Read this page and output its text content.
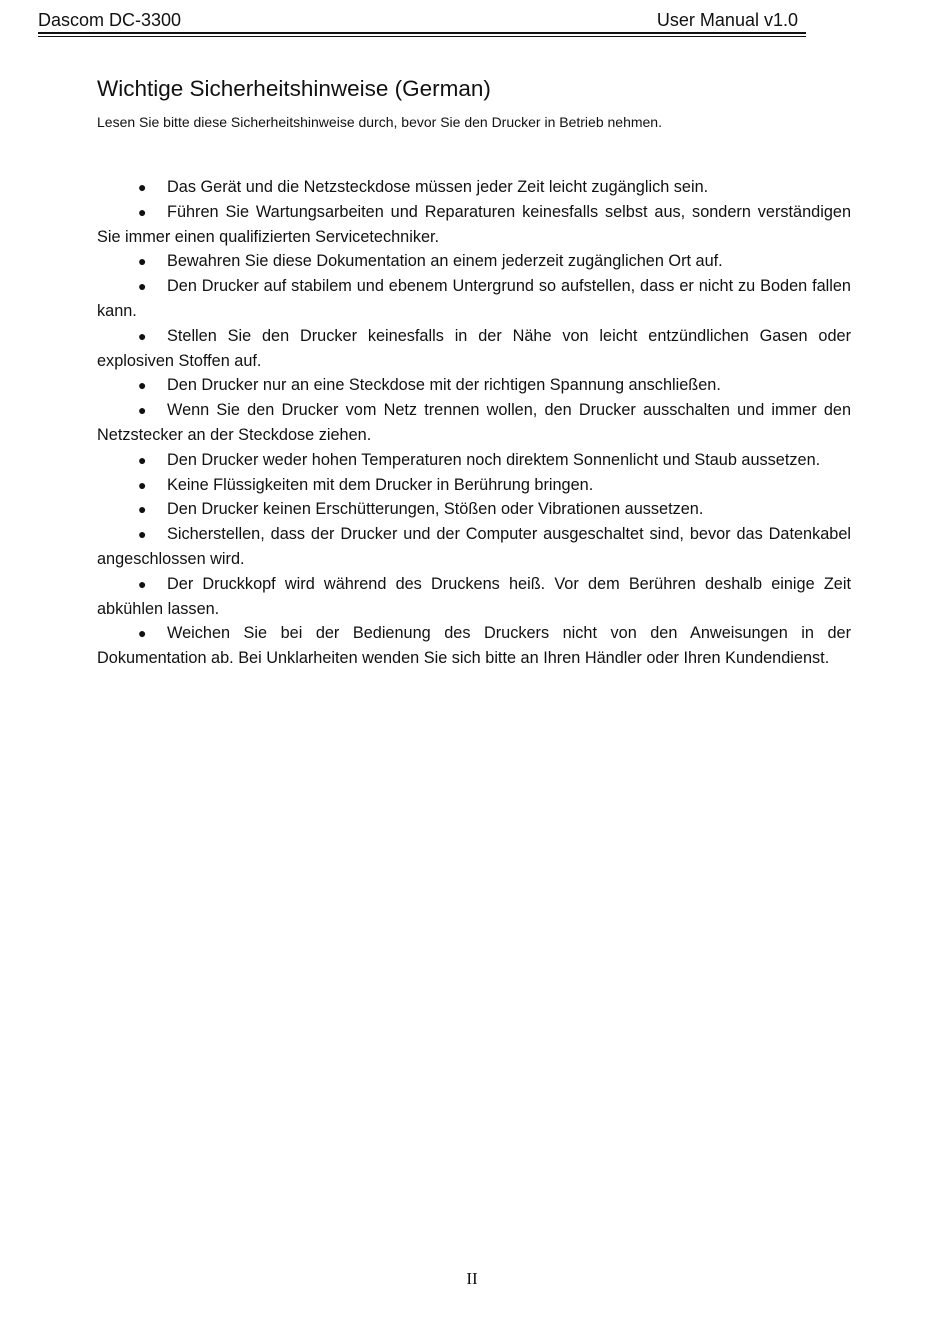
Dascom DC-3300	User Manual v1.0
Wichtige Sicherheitshinweise (German)

Lesen Sie bitte diese Sicherheitshinweise durch, bevor Sie den Drucker in Betrieb nehmen.

● Das Gerät und die Netzsteckdose müssen jeder Zeit leicht zugänglich sein.
● Führen Sie Wartungsarbeiten und Reparaturen keinesfalls selbst aus, sondern verständigen Sie immer einen qualifizierten Servicetechniker.
● Bewahren Sie diese Dokumentation an einem jederzeit zugänglichen Ort auf.
● Den Drucker auf stabilem und ebenem Untergrund so aufstellen, dass er nicht zu Boden fallen kann.
● Stellen Sie den Drucker keinesfalls in der Nähe von leicht entzündlichen Gasen oder explosiven Stoffen auf.
● Den Drucker nur an eine Steckdose mit der richtigen Spannung anschließen.
● Wenn Sie den Drucker vom Netz trennen wollen, den Drucker ausschalten und immer den Netzstecker an der Steckdose ziehen.
● Den Drucker weder hohen Temperaturen noch direktem Sonnenlicht und Staub aussetzen.
● Keine Flüssigkeiten mit dem Drucker in Berührung bringen.
● Den Drucker keinen Erschütterungen, Stößen oder Vibrationen aussetzen.
● Sicherstellen, dass der Drucker und der Computer ausgeschaltet sind, bevor das Datenkabel angeschlossen wird.
● Der Druckkopf wird während des Druckens heiß. Vor dem Berühren deshalb einige Zeit abkühlen lassen.
● Weichen Sie bei der Bedienung des Druckers nicht von den Anweisungen in der Dokumentation ab. Bei Unklarheiten wenden Sie sich bitte an Ihren Händler oder Ihren Kundendienst.
II
